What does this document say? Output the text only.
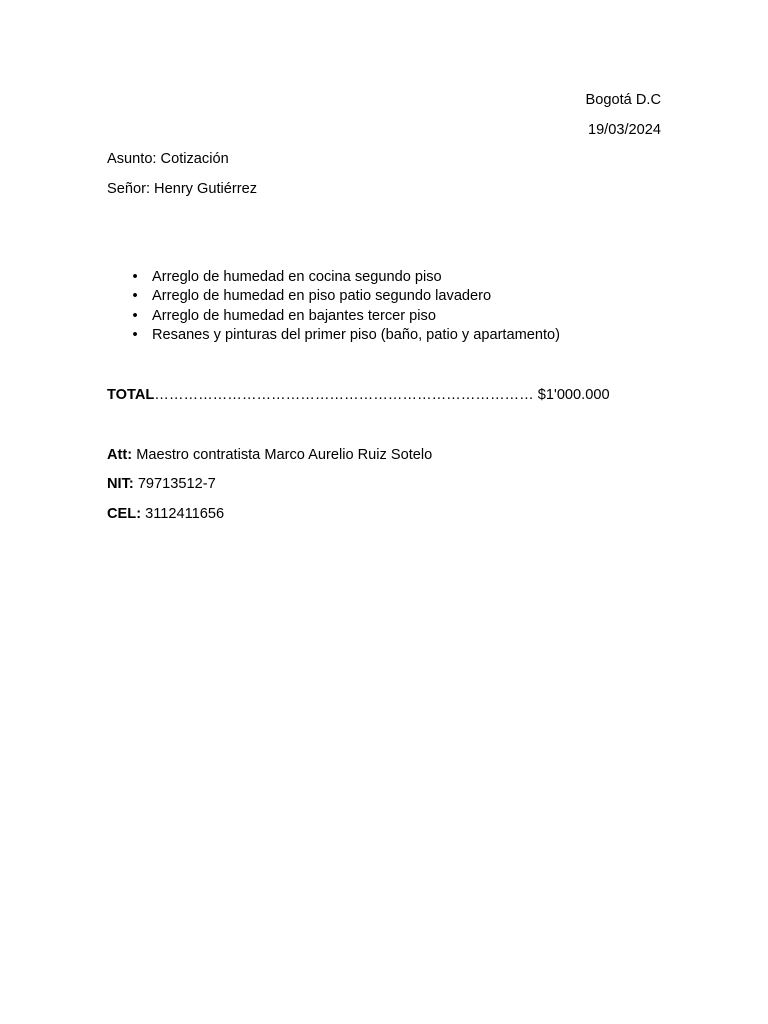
Bogotá D.C
19/03/2024
Asunto: Cotización
Señor: Henry Gutiérrez
• Arreglo de humedad en cocina segundo piso
• Arreglo de humedad en piso patio segundo lavadero
• Arreglo de humedad en bajantes tercer piso
• Resanes y pinturas del primer piso (baño, patio y apartamento)
TOTAL…………………………………………………………………… $1'000.000
Att: Maestro contratista Marco Aurelio Ruiz Sotelo
NIT: 79713512-7
CEL: 3112411656
